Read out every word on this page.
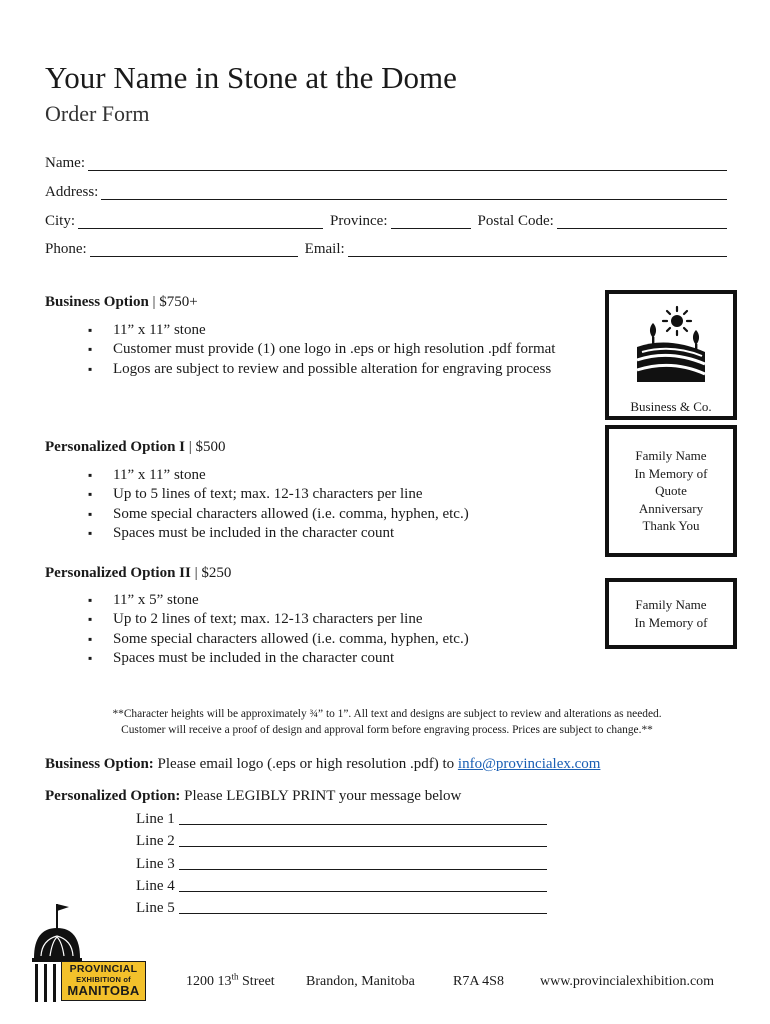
Your Name in Stone at the Dome
Order Form
Name:
Address:
City:	Province:	Postal Code:
Phone:	Email:
Business Option | $750+
▪ 11” x 11” stone
▪ Customer must provide (1) one logo in .eps or high resolution .pdf format
▪ Logos are subject to review and possible alteration for engraving process
Personalized Option I | $500
▪ 11” x 11” stone
▪ Up to 5 lines of text; max. 12-13 characters per line
▪ Some special characters allowed (i.e. comma, hyphen, etc.)
▪ Spaces must be included in the character count
Personalized Option II | $250
▪ 11” x 5” stone
▪ Up to 2 lines of text; max. 12-13 characters per line
▪ Some special characters allowed (i.e. comma, hyphen, etc.)
▪ Spaces must be included in the character count
Business & Co.
Family Name
In Memory of
Quote
Anniversary
Thank You
Family Name
In Memory of
**Character heights will be approximately ¾” to 1”. All text and designs are subject to review and alterations as needed.
Customer will receive a proof of design and approval form before engraving process. Prices are subject to change.**
Business Option: Please email logo (.eps or high resolution .pdf) to info@provincialex.com
Personalized Option: Please LEGIBLY PRINT your message below
Line 1
Line 2
Line 3
Line 4
Line 5
PROVINCIAL
EXHIBITION of
MANITOBA
1200 13th Street Brandon, Manitoba	R7A 4S8	www.provincialexhibition.com
